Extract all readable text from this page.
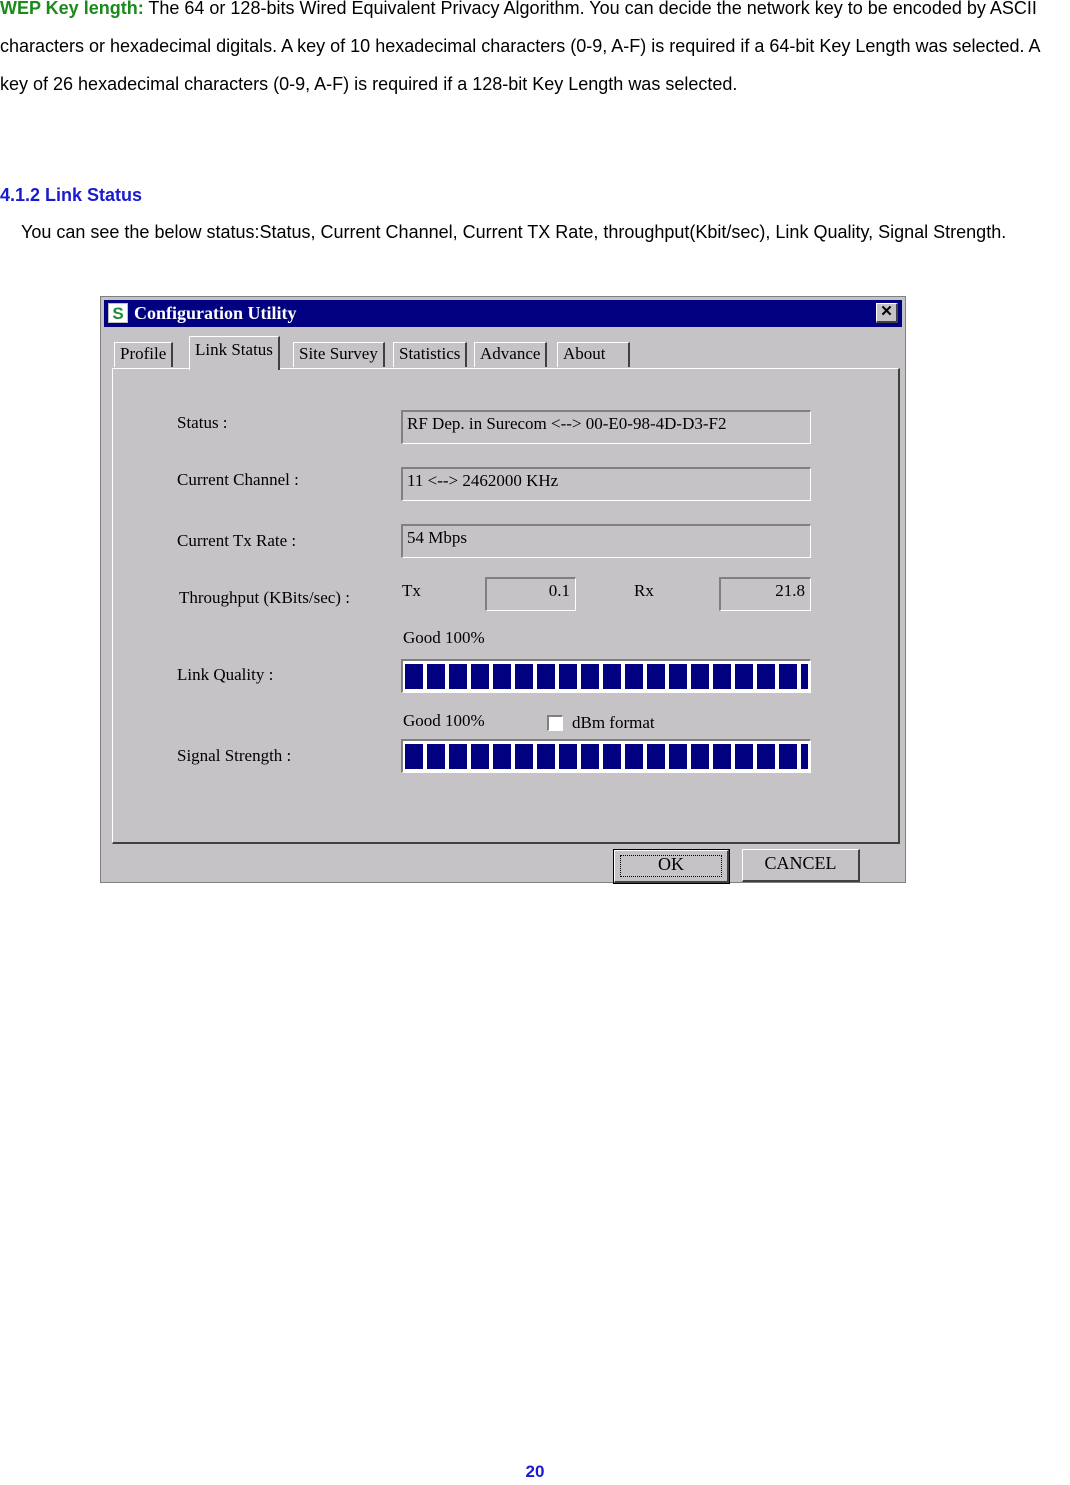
WEP Key length: The 64 or 128-bits Wired Equivalent Privacy Algorithm. You can decide the network key to be encoded by ASCII characters or hexadecimal digitals. A key of 10 hexadecimal characters (0-9, A-F) is required if a 64-bit Key Length was selected. A key of 26 hexadecimal characters (0-9, A-F) is required if a 128-bit Key Length was selected.

4.1.2 Link Status

You can see the below status:Status, Current Channel, Current TX Rate, throughput(Kbit/sec), Link Quality, Signal Strength.

S Configuration Utility	✕
Profile	Link Status	Site Survey	Statistics	Advance	About
Status :	RF Dep. in Surecom <--> 00-E0-98-4D-D3-F2
Current Channel :	11 <--> 2462000 KHz
Current Tx Rate :	54 Mbps
Throughput (KBits/sec) :	Tx	0.1	Rx	21.8
Good 100%
Link Quality :
Good 100%	dBm format
Signal Strength :
OK	CANCEL
20
